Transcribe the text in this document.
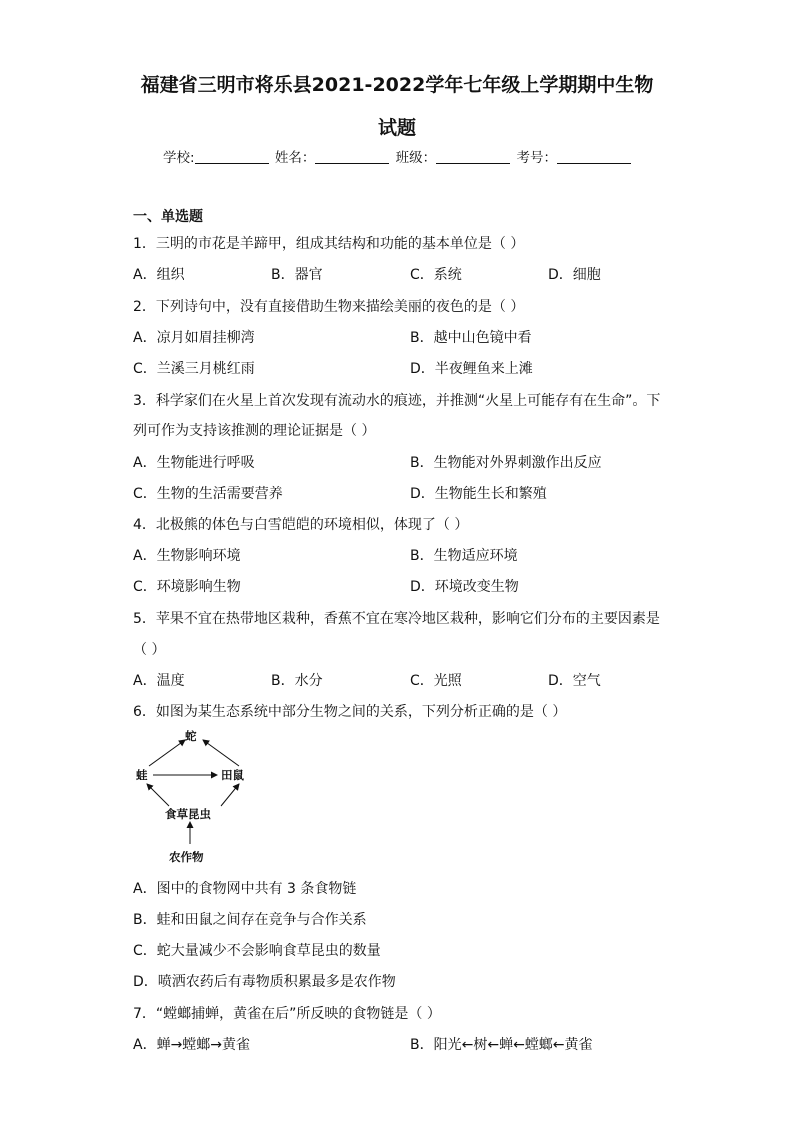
福建省三明市将乐县2021-2022学年七年级上学期期中生物
试题
学校:	姓名：	班级：	考号：
一、单选题
1．三明的市花是羊蹄甲，组成其结构和功能的基本单位是（ ）
A．组织	B．器官	C．系统	D．细胞
2．下列诗句中，没有直接借助生物来描绘美丽的夜色的是（ ）
A．凉月如眉挂柳湾	B．越中山色镜中看
C．兰溪三月桃红雨	D．半夜鲤鱼来上滩
3．科学家们在火星上首次发现有流动水的痕迹，并推测“火星上可能存有在生命”。下
列可作为支持该推测的理论证据是（ ）
A．生物能进行呼吸	B．生物能对外界刺激作出反应
C．生物的生活需要营养	D．生物能生长和繁殖
4．北极熊的体色与白雪皑皑的环境相似，体现了（ ）
A．生物影响环境	B．生物适应环境
C．环境影响生物	D．环境改变生物
5．苹果不宜在热带地区栽种，香蕉不宜在寒冷地区栽种，影响它们分布的主要因素是
（ ）
A．温度	B．水分	C．光照	D．空气
6．如图为某生态系统中部分生物之间的关系，下列分析正确的是（ ）
蛇
蛙	田鼠
食草昆虫
农作物
A．图中的食物网中共有 3 条食物链
B．蛙和田鼠之间存在竞争与合作关系
C．蛇大量减少不会影响食草昆虫的数量
D．喷洒农药后有毒物质积累最多是农作物
7．“螳螂捕蝉，黄雀在后”所反映的食物链是（ ）
A．蝉→螳螂→黄雀	B．阳光←树←蝉←螳螂←黄雀
